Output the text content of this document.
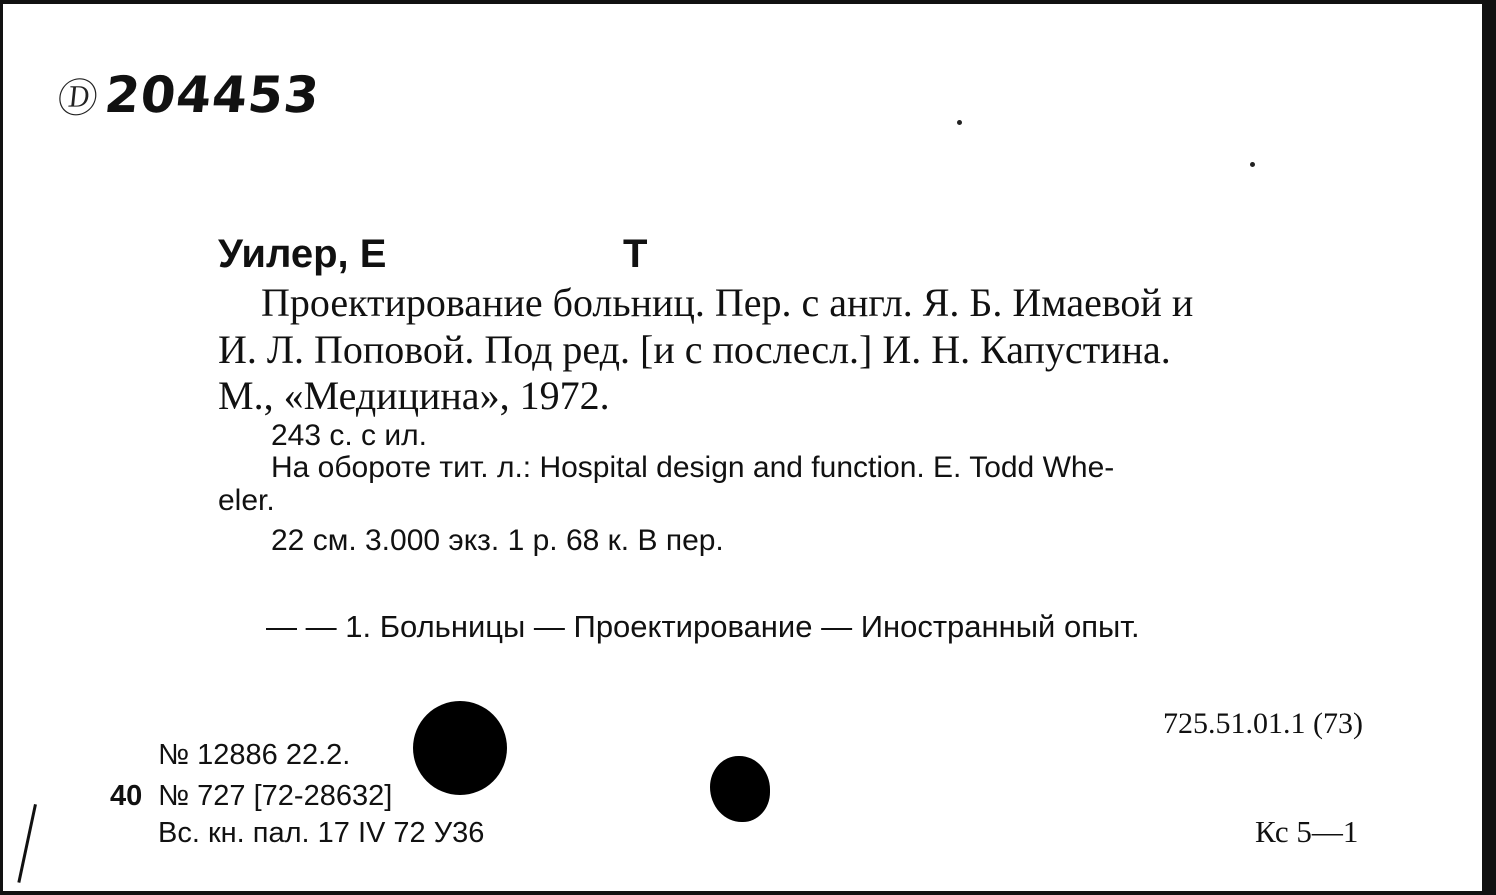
Ⓓ204453
Уилер, Е	Т
Проектирование больниц. Пер. с англ. Я. Б. Имаевой и
И. Л. Поповой. Под ред. [и с послесл.] И. Н. Капустина.
М., «Медицина», 1972.
243 с. с ил.
На обороте тит. л.: Hospital design and function. E. Todd Whe-
eler.
22 см. 3.000 экз. 1 р. 68 к. В пер.
— — 1. Больницы — Проектирование — Иностранный опыт.
725.51.01.1 (73)
№ 12886 22.2.
40 № 727 [72-28632]
Вс. кн. пал. 17 IV 72 У36	Кс 5—1
